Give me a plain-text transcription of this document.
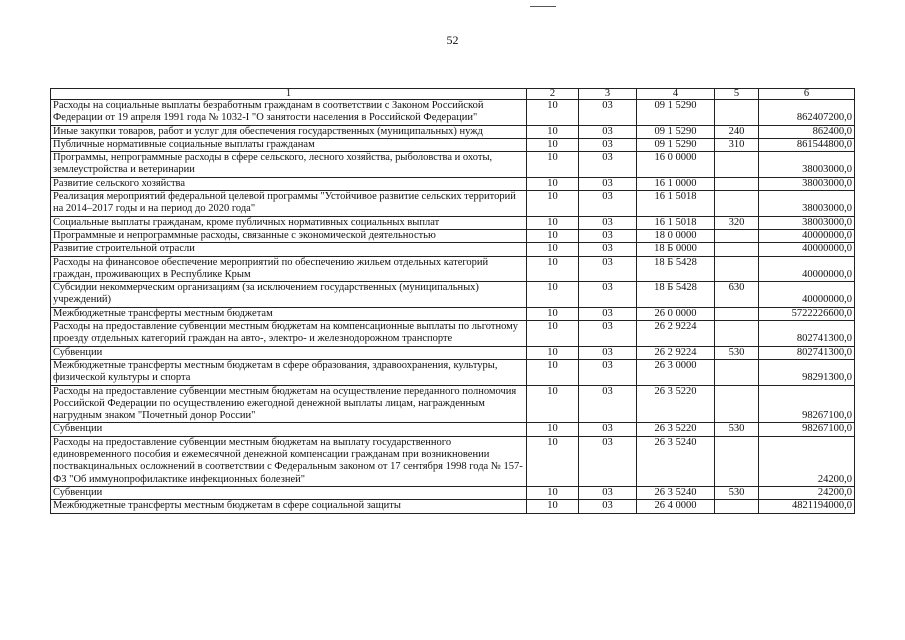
52
1	2	3	4	5	6
Расходы на социальные выплаты безработным гражданам в соответствии с Законом Российской Федерации от 19 апреля 1991 года № 1032-I "О занятости населения в Российской Федерации"	10	03	09 1 5290		862407200,0
Иные закупки товаров, работ и услуг для обеспечения государственных (муниципальных) нужд	10	03	09 1 5290	240	862400,0
Публичные нормативные социальные выплаты гражданам	10	03	09 1 5290	310	861544800,0
Программы, непрограммные расходы в сфере сельского, лесного хозяйства, рыболовства и охоты, землеустройства и ветеринарии	10	03	16 0 0000		38003000,0
Развитие сельского хозяйства	10	03	16 1 0000		38003000,0
Реализация мероприятий федеральной целевой программы "Устойчивое развитие сельских территорий на 2014–2017 годы и на период до 2020 года"	10	03	16 1 5018		38003000,0
Социальные выплаты гражданам, кроме публичных нормативных социальных выплат	10	03	16 1 5018	320	38003000,0
Программные и непрограммные расходы, связанные с экономической деятельностью	10	03	18 0 0000		40000000,0
Развитие строительной отрасли	10	03	18 Б 0000		40000000,0
Расходы на финансовое обеспечение мероприятий по обеспечению жильем отдельных категорий граждан, проживающих в Республике Крым	10	03	18 Б 5428		40000000,0
Субсидии некоммерческим организациям (за исключением государственных (муниципальных) учреждений)	10	03	18 Б 5428	630	40000000,0
Межбюджетные трансферты местным бюджетам	10	03	26 0 0000		5722226600,0
Расходы на предоставление субвенции местным бюджетам на компенсационные выплаты по льготному проезду отдельных категорий граждан на авто-, электро- и железнодорожном транспорте	10	03	26 2 9224		802741300,0
Субвенции	10	03	26 2 9224	530	802741300,0
Межбюджетные трансферты местным бюджетам в сфере образования, здравоохранения, культуры, физической культуры и спорта	10	03	26 3 0000		98291300,0
Расходы на предоставление субвенции местным бюджетам на осуществление переданного полномочия Российской Федерации по осуществлению ежегодной денежной выплаты лицам, награжденным нагрудным знаком "Почетный донор России"	10	03	26 3 5220		98267100,0
Субвенции	10	03	26 3 5220	530	98267100,0
Расходы на предоставление субвенции местным бюджетам на выплату государственного единовременного пособия и ежемесячной денежной компенсации гражданам при возникновении поствакцинальных осложнений в соответствии с Федеральным законом от 17 сентября 1998 года № 157-ФЗ "Об иммунопрофилактике инфекционных болезней"	10	03	26 3 5240		24200,0
Субвенции	10	03	26 3 5240	530	24200,0
Межбюджетные трансферты местным бюджетам в сфере социальной защиты	10	03	26 4 0000		4821194000,0
